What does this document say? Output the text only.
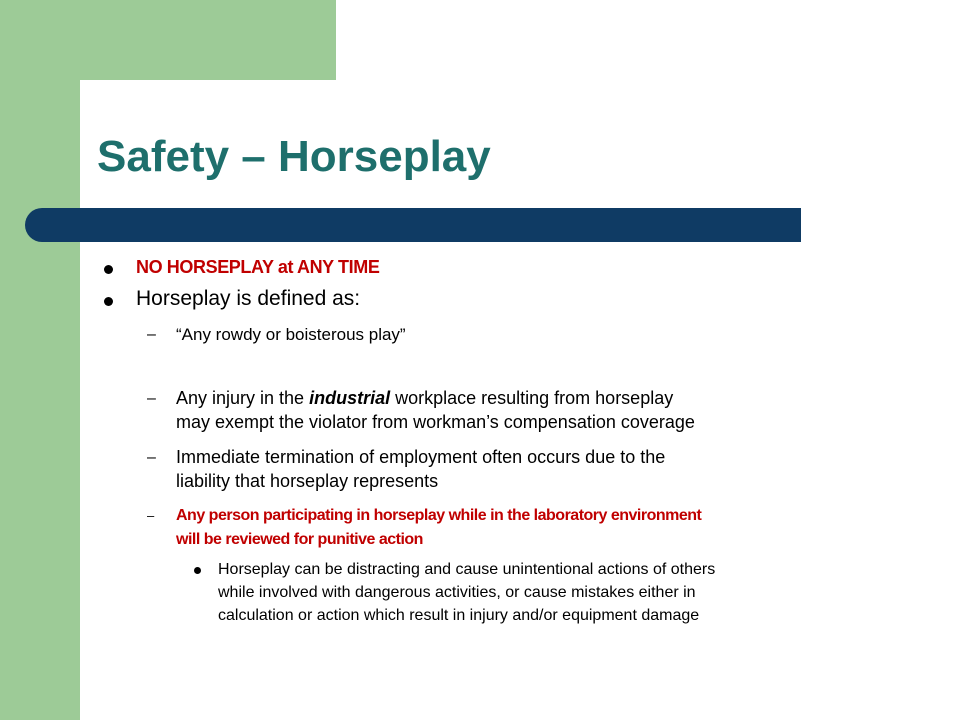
Safety – Horseplay
NO HORSEPLAY at ANY TIME
Horseplay is defined as:
– “Any rowdy or boisterous play”
– Any injury in the industrial workplace resulting from horseplay
may exempt the violator from workman’s compensation coverage
– Immediate termination of employment often occurs due to the
liability that horseplay represents
– Any person participating in horseplay while in the laboratory environment
will be reviewed for punitive action
Horseplay can be distracting and cause unintentional actions of others
while involved with dangerous activities, or cause mistakes either in
calculation or action which result in injury and/or equipment damage
